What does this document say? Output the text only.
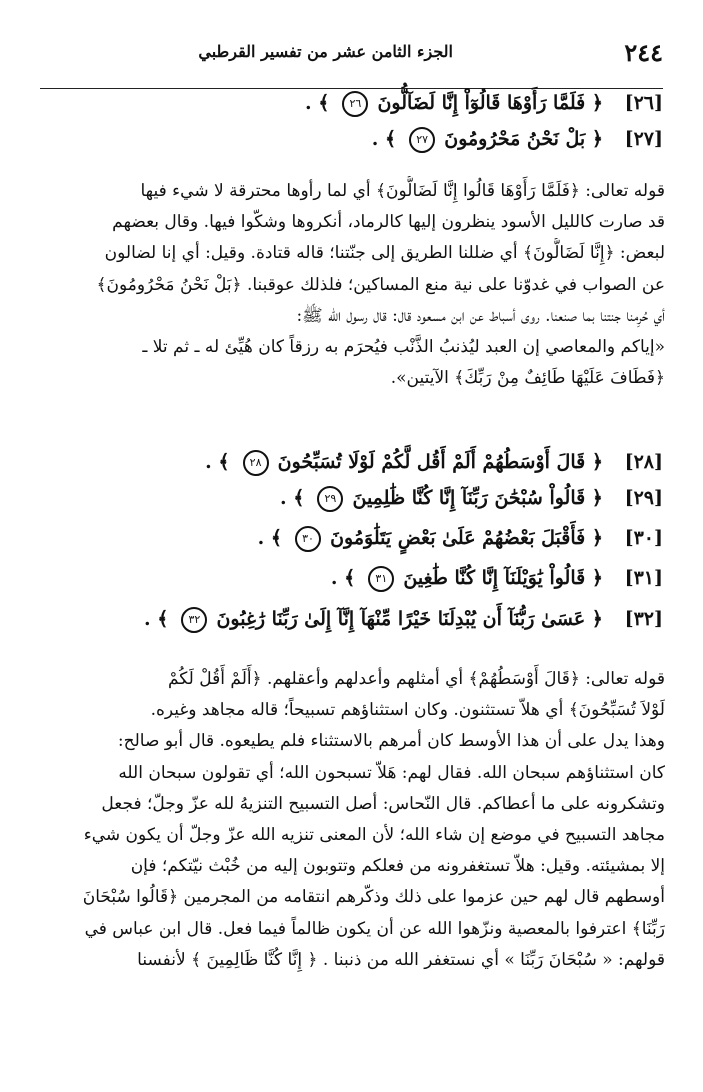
٢٤٤
الجزء الثامن عشر من تفسير القرطبي
[٢٦] ﴿ فَلَمَّا رَأَوْهَا قَالُوٓاْ إِنَّا لَضَآلُّونَ ٢٦ ﴾ .
[٢٧] ﴿ بَلْ نَحْنُ مَحْرُومُونَ ٢٧ ﴾ .

قوله تعالى: ﴿فَلَمَّا رَأَوْهَا قَالُوا إِنَّا لَضَالُّونَ﴾ أي لما رأوها محترقة لا شيء فيها
قد صارت كالليل الأسود ينظرون إليها كالرماد، أنكروها وشكّوا فيها. وقال بعضهم
لبعض: ﴿إِنَّا لَضَالُّونَ﴾ أي ضللنا الطريق إلى جنّتنا؛ قاله قتادة. وقيل: أي إنا لضالون
عن الصواب في غدوّنا على نية منع المساكين؛ فلذلك عوقبنا. ﴿بَلْ نَحْنُ مَحْرُومُونَ﴾
أي حُرِمنا جنتنا بما صنعنا. روى أسباط عن ابن مسعود قال: قال رسول الله ﷺ:
«إياكم والمعاصي إن العبد ليُذنبُ الذَّنْب فيُحرَم به رزقاً كان هُيِّئ له ـ ثم تلا ـ
﴿فَطَافَ عَلَيْهَا طَائِفٌ مِنْ رَبِّكَ﴾ الآيتين».

[٢٨] ﴿ قَالَ أَوْسَطُهُمْ أَلَمْ أَقُل لَّكُمْ لَوْلَا تُسَبِّحُونَ ٢٨ ﴾ .
[٢٩] ﴿ قَالُواْ سُبْحَٰنَ رَبِّنَآ إِنَّا كُنَّا ظَٰلِمِينَ ٢٩ ﴾ .
[٣٠] ﴿ فَأَقْبَلَ بَعْضُهُمْ عَلَىٰ بَعْضٍ يَتَلَٰوَمُونَ ٣٠ ﴾ .
[٣١] ﴿ قَالُواْ يَٰوَيْلَنَآ إِنَّا كُنَّا طَٰغِينَ ٣١ ﴾ .
[٣٢] ﴿ عَسَىٰ رَبُّنَآ أَن يُبْدِلَنَا خَيْرًا مِّنْهَآ إِنَّآ إِلَىٰ رَبِّنَا رَٰغِبُونَ ٣٢ ﴾ .

قوله تعالى: ﴿قَالَ أَوْسَطُهُمْ﴾ أي أمثلهم وأعدلهم وأعقلهم. ﴿أَلَمْ أَقُلْ لَكُمْ
لَوْلاَ تُسَبِّحُونَ﴾ أي هلاّ تستثنون. وكان استثناؤهم تسبيحاً؛ قاله مجاهد وغيره.
وهذا يدل على أن هذا الأوسط كان أمرهم بالاستثناء فلم يطيعوه. قال أبو صالح:
كان استثناؤهم سبحان الله. فقال لهم: هَلاّ تسبحون الله؛ أي تقولون سبحان الله
وتشكرونه على ما أعطاكم. قال النّحاس: أصل التسبيح التنزيهُ لله عزّ وجلّ؛ فجعل
مجاهد التسبيح في موضع إن شاء الله؛ لأن المعنى تنزيه الله عزّ وجلّ أن يكون شيء
إلا بمشيئته. وقيل: هلاّ تستغفرونه من فعلكم وتتوبون إليه من خُبْث نيّتكم؛ فإن
أوسطهم قال لهم حين عزموا على ذلك وذكّرهم انتقامه من المجرمين ﴿قَالُوا سُبْحَانَ
رَبِّنَا﴾ اعترفوا بالمعصية ونزّهوا الله عن أن يكون ظالماً فيما فعل. قال ابن عباس في
قولهم: « سُبْحَانَ رَبِّنَا » أي نستغفر الله من ذنبنا . ﴿ إِنَّا كُنَّا ظَالِمِينَ ﴾ لأنفسنا
